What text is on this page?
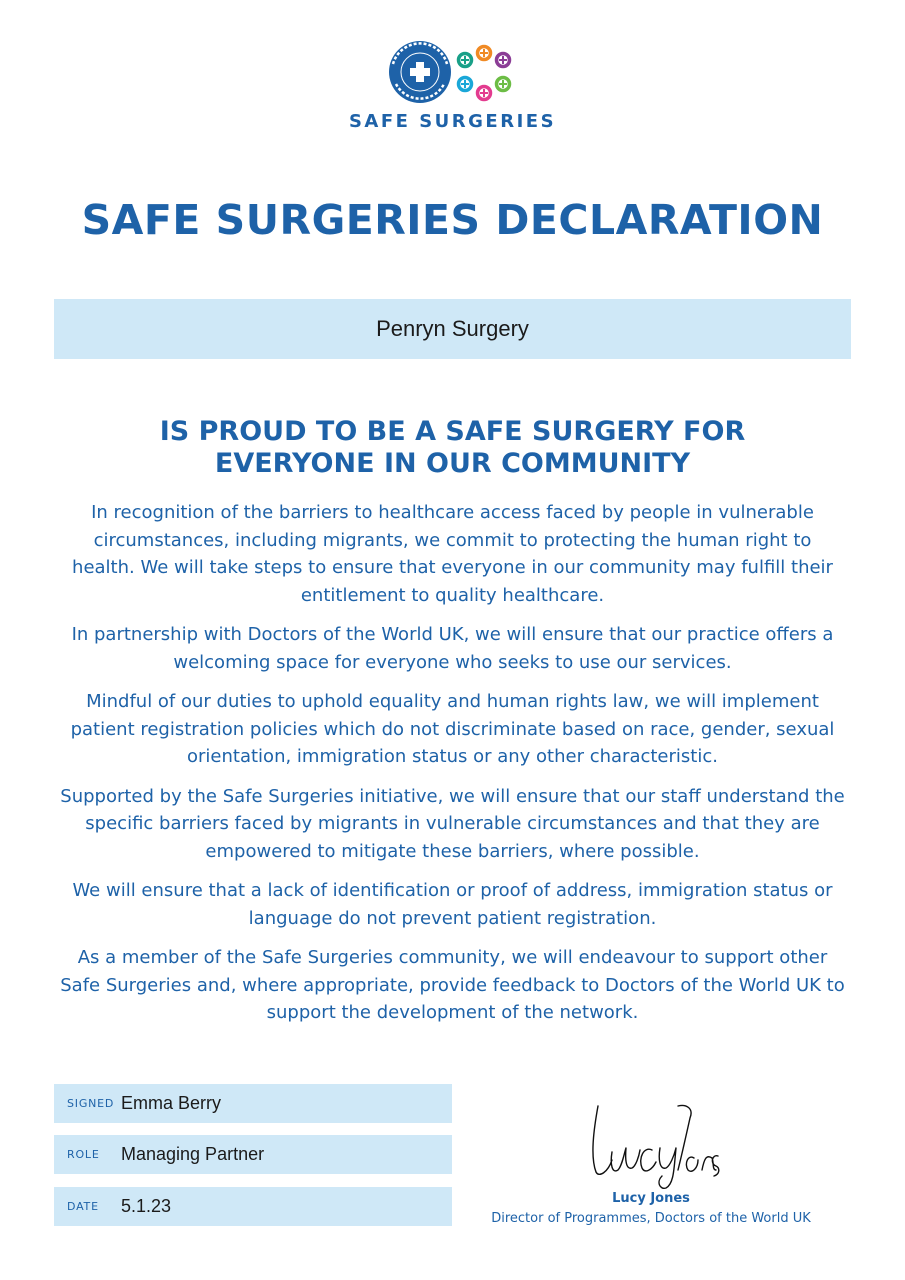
SAFE SURGERIES
SAFE SURGERIES DECLARATION
Penryn Surgery
IS PROUD TO BE A SAFE SURGERY FOR
EVERYONE IN OUR COMMUNITY

In recognition of the barriers to healthcare access faced by people in vulnerable circumstances, including migrants, we commit to protecting the human right to health. We will take steps to ensure that everyone in our community may fulfill their entitlement to quality healthcare.

In partnership with Doctors of the World UK, we will ensure that our practice offers a welcoming space for everyone who seeks to use our services.

Mindful of our duties to uphold equality and human rights law, we will implement patient registration policies which do not discriminate based on race, gender, sexual orientation, immigration status or any other characteristic.

Supported by the Safe Surgeries initiative, we will ensure that our staff understand the specific barriers faced by migrants in vulnerable circumstances and that they are empowered to mitigate these barriers, where possible.

We will ensure that a lack of identification or proof of address, immigration status or language do not prevent patient registration.

As a member of the Safe Surgeries community, we will endeavour to support other Safe Surgeries and, where appropriate, provide feedback to Doctors of the World UK to support the development of the network.

SIGNED Emma Berry
ROLE Managing Partner
DATE 5.1.23	Lucy Jones
Director of Programmes, Doctors of the World UK
